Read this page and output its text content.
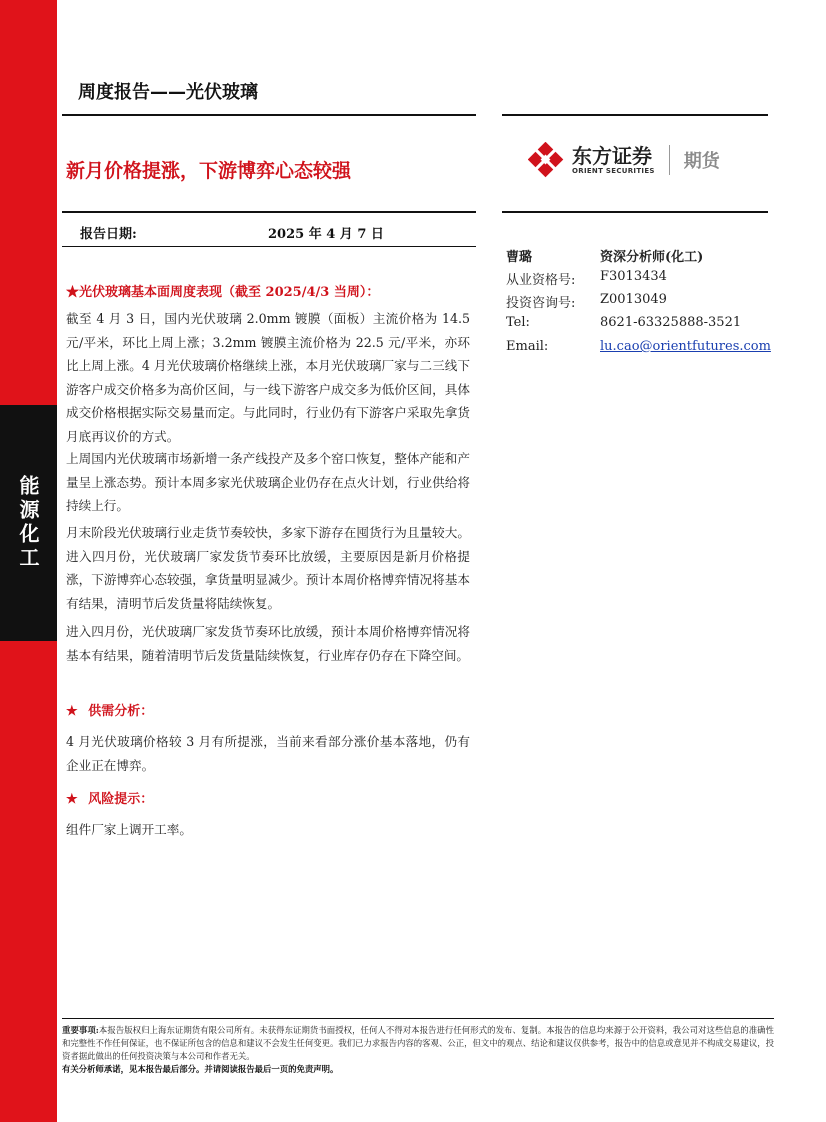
能源化工
周度报告——光伏玻璃
新月价格提涨，下游博弈心态较强
东方证券
ORIENT SECURITIES 期货
报告日期:	2025 年 4 月 7 日
曹璐	资深分析师(化工)
从业资格号: F3013434
投资咨询号: Z0013049
Tel:	8621-63325888-3521
Email:	lu.cao@orientfutures.com
★光伏玻璃基本面周度表现（截至 2025/4/3 当周）：
截至 4 月 3 日，国内光伏玻璃 2.0mm 镀膜（面板）主流价格为 14.5 元/平米，环比上周上涨；3.2mm 镀膜主流价格为 22.5 元/平米，亦环比上周上涨。4 月光伏玻璃价格继续上涨，本月光伏玻璃厂家与二三线下游客户成交价格多为高价区间，与一线下游客户成交多为低价区间，具体成交价格根据实际交易量而定。与此同时，行业仍有下游客户采取先拿货月底再议价的方式。
上周国内光伏玻璃市场新增一条产线投产及多个窑口恢复，整体产能和产量呈上涨态势。预计本周多家光伏玻璃企业仍存在点火计划，行业供给将持续上行。
月末阶段光伏玻璃行业走货节奏较快，多家下游存在囤货行为且量较大。进入四月份，光伏玻璃厂家发货节奏环比放缓，主要原因是新月价格提涨，下游博弈心态较强，拿货量明显减少。预计本周价格博弈情况将基本有结果，清明节后发货量将陆续恢复。
进入四月份，光伏玻璃厂家发货节奏环比放缓，预计本周价格博弈情况将基本有结果，随着清明节后发货量陆续恢复，行业库存仍存在下降空间。
★ 供需分析：
4 月光伏玻璃价格较 3 月有所提涨，当前来看部分涨价基本落地，仍有企业正在博弈。
★ 风险提示：
组件厂家上调开工率。
重要事项:本报告版权归上海东证期货有限公司所有。未获得东证期货书面授权，任何人不得对本报告进行任何形式的发布、复制。本报告的信息均来源于公开资料，我公司对这些信息的准确性和完整性不作任何保证，也不保证所包含的信息和建议不会发生任何变更。我们已力求报告内容的客观、公正，但文中的观点、结论和建议仅供参考，报告中的信息或意见并不构成交易建议，投资者据此做出的任何投资决策与本公司和作者无关。
有关分析师承诺，见本报告最后部分。并请阅读报告最后一页的免责声明。
